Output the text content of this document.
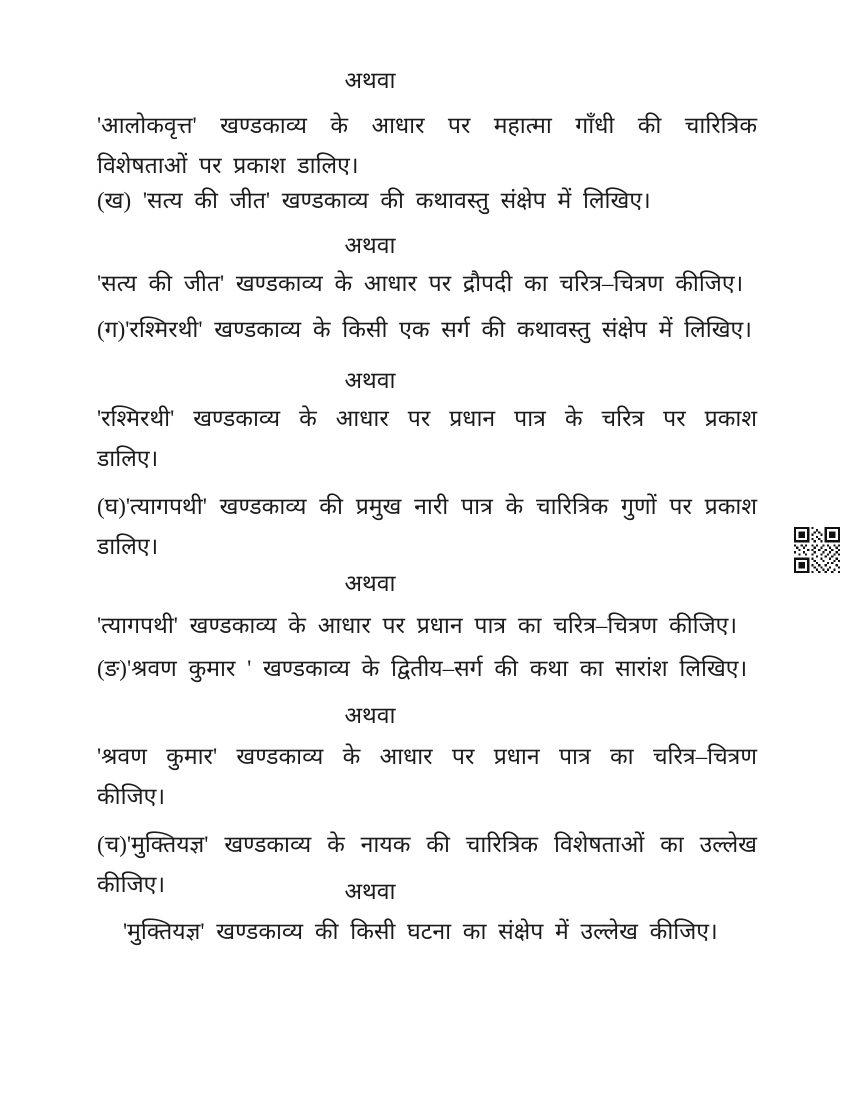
अथवा
'आलोकवृत्त' खण्डकाव्य के आधार पर महात्मा गाँधी की चारित्रिक विशेषताओं पर प्रकाश डालिए।
(ख) 'सत्य की जीत' खण्डकाव्य की कथावस्तु संक्षेप में लिखिए।
अथवा
'सत्य की जीत' खण्डकाव्य के आधार पर द्रौपदी का चरित्र–चित्रण कीजिए।
(ग)'रश्मिरथी' खण्डकाव्य के किसी एक सर्ग की कथावस्तु संक्षेप में लिखिए।
अथवा
'रश्मिरथी' खण्डकाव्य के आधार पर प्रधान पात्र के चरित्र पर प्रकाश डालिए।
(घ)'त्यागपथी' खण्डकाव्य की प्रमुख नारी पात्र के चारित्रिक गुणों पर प्रकाश डालिए।
अथवा
'त्यागपथी' खण्डकाव्य के आधार पर प्रधान पात्र का चरित्र–चित्रण कीजिए।
(ङ)'श्रवण कुमार ' खण्डकाव्य के द्वितीय–सर्ग की कथा का सारांश लिखिए।
अथवा
'श्रवण कुमार' खण्डकाव्य के आधार पर प्रधान पात्र का चरित्र–चित्रण कीजिए।
(च)'मुक्तियज्ञ' खण्डकाव्य के नायक की चारित्रिक विशेषताओं का उल्लेख कीजिए।	अथवा
'मुक्तियज्ञ' खण्डकाव्य की किसी घटना का संक्षेप में उल्लेख कीजिए।
